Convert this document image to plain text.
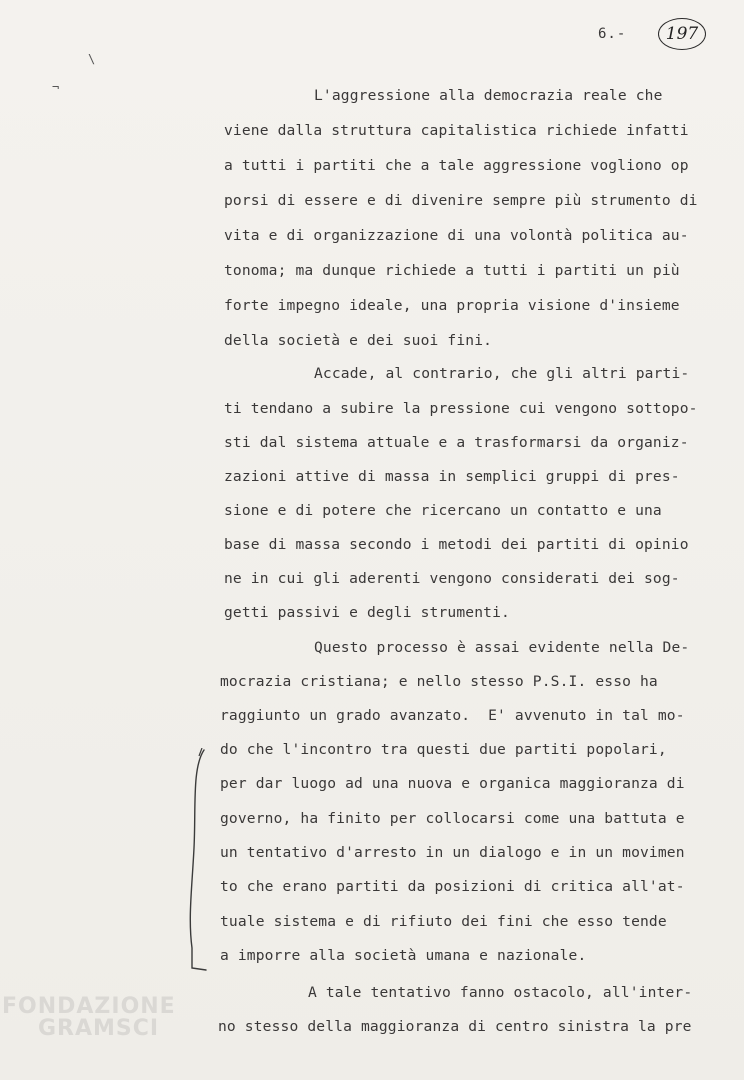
6.- 197
\
¬	L'aggressione alla democrazia reale che
viene dalla struttura capitalistica richiede infatti
a tutti i partiti che a tale aggressione vogliono op
porsi di essere e di divenire sempre più strumento di
vita e di organizzazione di una volontà politica au-
tonoma; ma dunque richiede a tutti i partiti un più
forte impegno ideale, una propria visione d'insieme
della società e dei suoi fini.
Accade, al contrario, che gli altri parti-
ti tendano a subire la pressione cui vengono sottopo-
sti dal sistema attuale e a trasformarsi da organiz-
zazioni attive di massa in semplici gruppi di pres-
sione e di potere che ricercano un contatto e una
base di massa secondo i metodi dei partiti di opinio
ne in cui gli aderenti vengono considerati dei sog-
getti passivi e degli strumenti.
Questo processo è assai evidente nella De-
mocrazia cristiana; e nello stesso P.S.I. esso ha
raggiunto un grado avanzato.  E' avvenuto in tal mo-
do che l'incontro tra questi due partiti popolari,
per dar luogo ad una nuova e organica maggioranza di
governo, ha finito per collocarsi come una battuta e
un tentativo d'arresto in un dialogo e in un movimen
to che erano partiti da posizioni di critica all'at-
tuale sistema e di rifiuto dei fini che esso tende
a imporre alla società umana e nazionale.
A tale tentativo fanno ostacolo, all'inter-
no stesso della maggioranza di centro sinistra la pre
FONDAZIONE
GRAMSCI
